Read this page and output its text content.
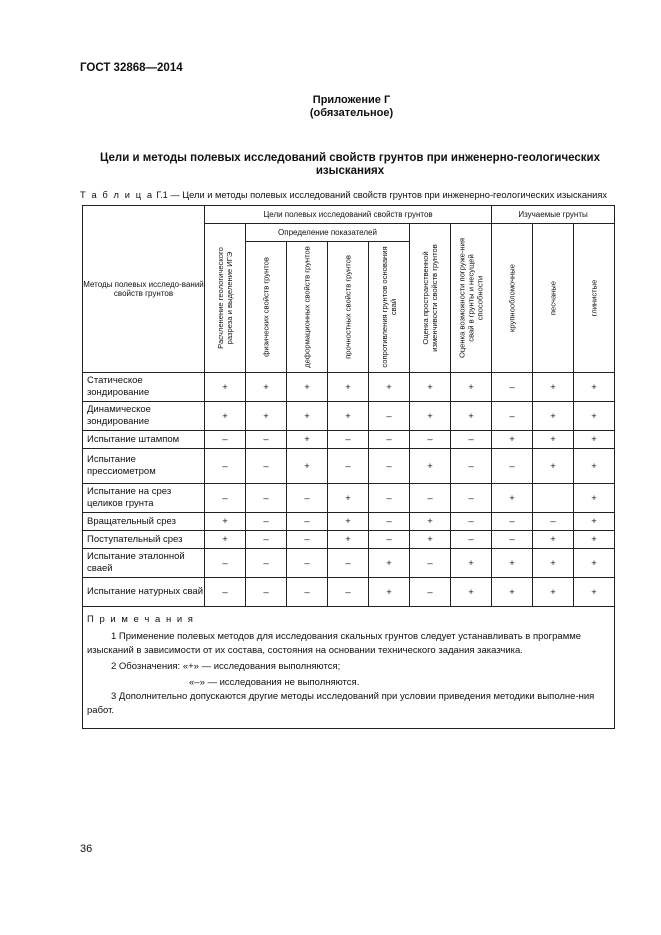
ГОСТ 32868—2014
Приложение Г
(обязательное)
Цели и методы полевых исследований свойств грунтов при инженерно-геологических изысканиях
Т а б л и ц а Г.1 — Цели и методы полевых исследований свойств грунтов при инженерно-геологических изысканиях
Методы полевых исследо-ваний свойств грунтов	Цели полевых исследований свойств грунтов							Изучаемые грунты		

	Расчленение геологического разреза и выделение ИГЭ	Определение показателей				Оценка пространственной изменчивости свойств грунтов	Оценка возможности погруже-ния свай в грунты и несущей способности	крупнообломочные	песчаные	глинистые

		физических свойств грунтов	деформационных свойств грунтов	прочностных свойств грунтов	сопротивления грунтов основания свай					

Статическое зондирование	+	+	+	+	+	+	+	–	+	+
Динамическое зондирование	+	+	+	+	–	+	+	–	+	+
Испытание штампом	–	–	+	–	–	–	–	+	+	+
Испытание прессиометром	–	–	+	–	–	+	–	–	+	+
Испытание на срез целиков грунта	–	–	–	+	–	–	–	+		+
Вращательный срез	+	–	–	+	–	+	–	–	–	+
Поступательный срез	+	–	–	+	–	+	–	–	+	+
Испытание эталонной сваей	–	–	–	–	+	–	+	+	+	+
Испытание натурных свай	–	–	–	–	+	–	+	+	+	+

П р и м е ч а н и я
1 Применение полевых методов для исследования скальных грунтов следует устанавливать в программе изысканий в зависимости от их состава, состояния на основании технического задания заказчика.
2 Обозначения: «+» — исследования выполняются;
«–» — исследования не выполняются.
3 Дополнительно допускаются другие методы исследований при условии приведения методики выполне-ния работ.										
36
